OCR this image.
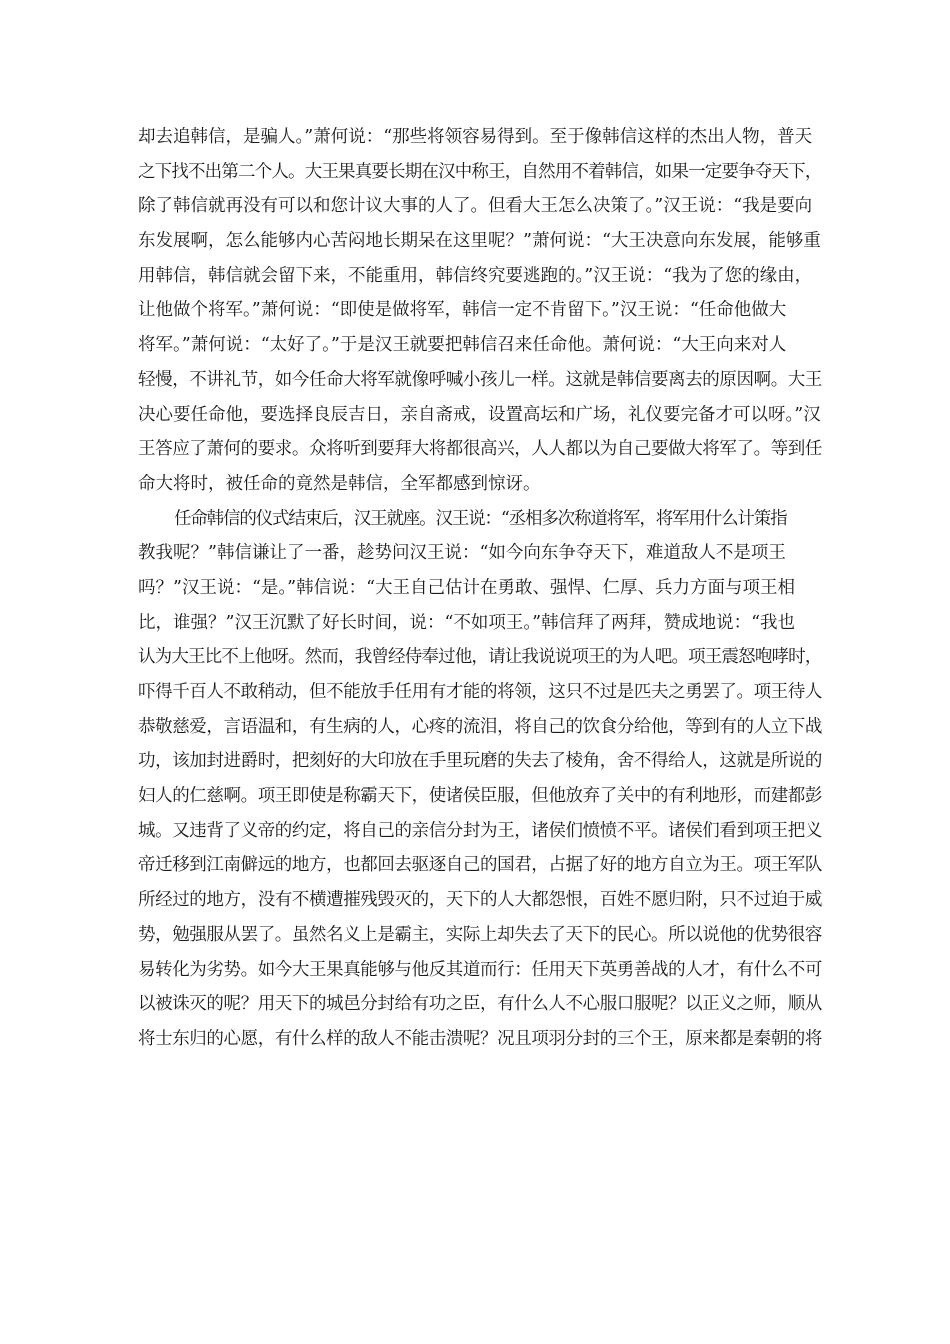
却去追韩信，是骗人。”萧何说：“那些将领容易得到。至于像韩信这样的杰出人物，普天
之下找不出第二个人。大王果真要长期在汉中称王，自然用不着韩信，如果一定要争夺天下，
除了韩信就再没有可以和您计议大事的人了。但看大王怎么决策了。”汉王说：“我是要向
东发展啊，怎么能够内心苦闷地长期呆在这里呢？”萧何说：“大王决意向东发展，能够重
用韩信，韩信就会留下来，不能重用，韩信终究要逃跑的。”汉王说：“我为了您的缘由，
让他做个将军。”萧何说：“即使是做将军，韩信一定不肯留下。”汉王说：“任命他做大
将军。”萧何说：“太好了。”于是汉王就要把韩信召来任命他。萧何说：“大王向来对人
轻慢，不讲礼节，如今任命大将军就像呼喊小孩儿一样。这就是韩信要离去的原因啊。大王
决心要任命他，要选择良辰吉日，亲自斋戒，设置高坛和广场，礼仪要完备才可以呀。”汉
王答应了萧何的要求。众将听到要拜大将都很高兴，人人都以为自己要做大将军了。等到任
命大将时，被任命的竟然是韩信，全军都感到惊讶。
任命韩信的仪式结束后，汉王就座。汉王说：“丞相多次称道将军，将军用什么计策指
教我呢？”韩信谦让了一番，趁势问汉王说：“如今向东争夺天下，难道敌人不是项王
吗？”汉王说：“是。”韩信说：“大王自己估计在勇敢、强悍、仁厚、兵力方面与项王相
比，谁强？”汉王沉默了好长时间，说：“不如项王。”韩信拜了两拜，赞成地说：“我也
认为大王比不上他呀。然而，我曾经侍奉过他，请让我说说项王的为人吧。项王震怒咆哮时，
吓得千百人不敢稍动，但不能放手任用有才能的将领，这只不过是匹夫之勇罢了。项王待人
恭敬慈爱，言语温和，有生病的人，心疼的流泪，将自己的饮食分给他，等到有的人立下战
功，该加封进爵时，把刻好的大印放在手里玩磨的失去了棱角，舍不得给人，这就是所说的
妇人的仁慈啊。项王即使是称霸天下，使诸侯臣服，但他放弃了关中的有利地形，而建都彭
城。又违背了义帝的约定，将自己的亲信分封为王，诸侯们愤愤不平。诸侯们看到项王把义
帝迁移到江南僻远的地方，也都回去驱逐自己的国君，占据了好的地方自立为王。项王军队
所经过的地方，没有不横遭摧残毁灭的，天下的人大都怨恨，百姓不愿归附，只不过迫于威
势，勉强服从罢了。虽然名义上是霸主，实际上却失去了天下的民心。所以说他的优势很容
易转化为劣势。如今大王果真能够与他反其道而行：任用天下英勇善战的人才，有什么不可
以被诛灭的呢？用天下的城邑分封给有功之臣，有什么人不心服口服呢？以正义之师，顺从
将士东归的心愿，有什么样的敌人不能击溃呢？况且项羽分封的三个王，原来都是秦朝的将
